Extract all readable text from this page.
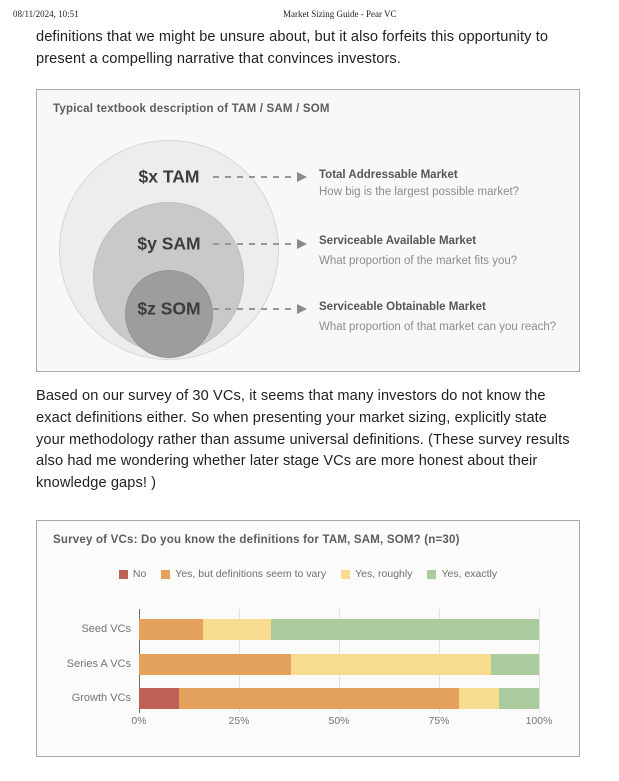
08/11/2024, 10:51	Market Sizing Guide - Pear VC
definitions that we might be unsure about, but it also forfeits this opportunity to
present a compelling narrative that convinces investors.
Typical textbook description of TAM / SAM / SOM
$x TAM
$y SAM
$z SOM
Total Addressable Market
How big is the largest possible market?
Serviceable Available Market
What proportion of the market fits you?
Serviceable Obtainable Market
What proportion of that market can you reach?
Based on our survey of 30 VCs, it seems that many investors do not know the
exact definitions either. So when presenting your market sizing, explicitly state
your methodology rather than assume universal definitions. (These survey results
also had me wondering whether later stage VCs are more honest about their
knowledge gaps! )
Survey of VCs: Do you know the definitions for TAM, SAM, SOM? (n=30)
No	Yes, but definitions seem to vary	Yes, roughly	Yes, exactly
0%	25%	50%	75%	100%
Seed VCs
Series A VCs
Growth VCs
